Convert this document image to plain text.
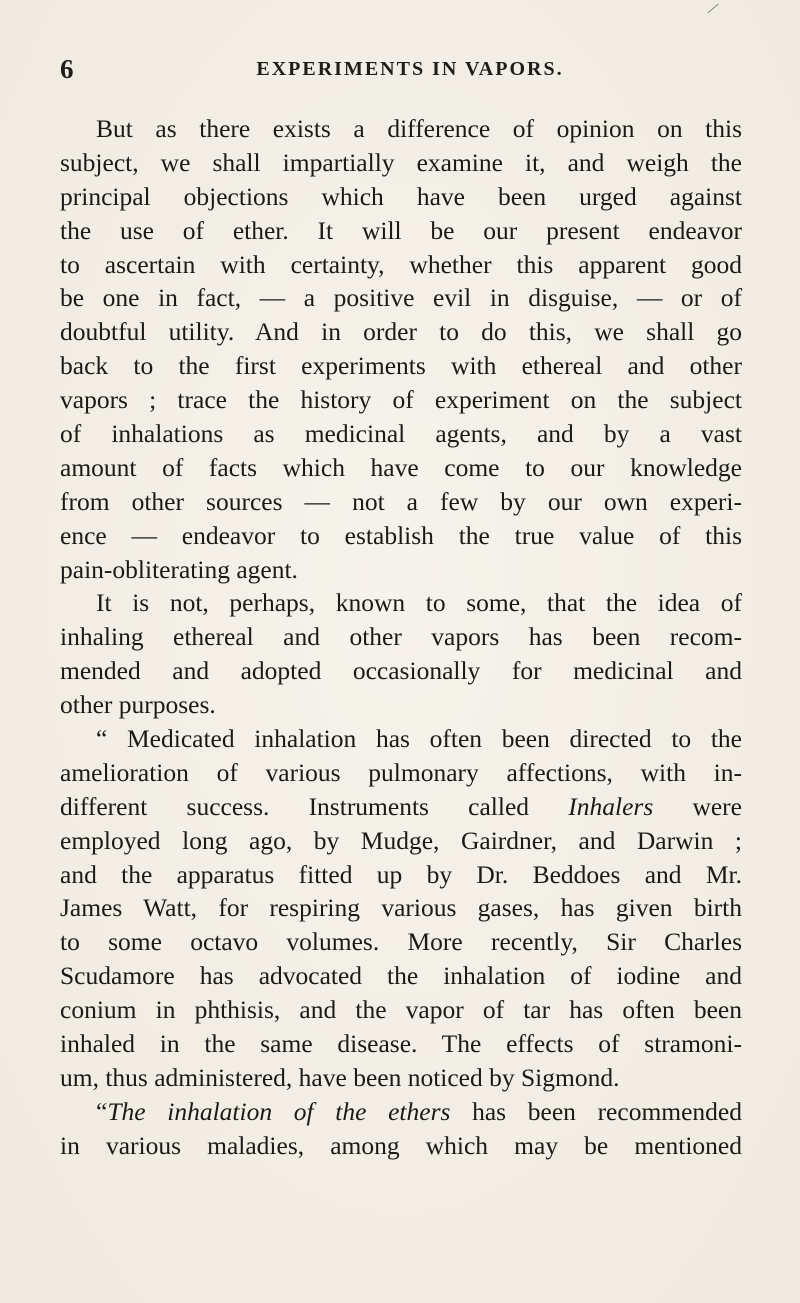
6	EXPERIMENTS IN VAPORS.
But as there exists a difference of opinion on this
subject, we shall impartially examine it, and weigh the
principal objections which have been urged against
the use of ether. It will be our present endeavor
to ascertain with certainty, whether this apparent good
be one in fact, — a positive evil in disguise, — or of
doubtful utility. And in order to do this, we shall go
back to the first experiments with ethereal and other
vapors ; trace the history of experiment on the subject
of inhalations as medicinal agents, and by a vast
amount of facts which have come to our knowledge
from other sources — not a few by our own experi-
ence — endeavor to establish the true value of this
pain-obliterating agent.
It is not, perhaps, known to some, that the idea of
inhaling ethereal and other vapors has been recom-
mended and adopted occasionally for medicinal and
other purposes.
“ Medicated inhalation has often been directed to the
amelioration of various pulmonary affections, with in-
different success. Instruments called Inhalers were
employed long ago, by Mudge, Gairdner, and Darwin ;
and the apparatus fitted up by Dr. Beddoes and Mr.
James Watt, for respiring various gases, has given birth
to some octavo volumes. More recently, Sir Charles
Scudamore has advocated the inhalation of iodine and
conium in phthisis, and the vapor of tar has often been
inhaled in the same disease. The effects of stramoni-
um, thus administered, have been noticed by Sigmond.
“The inhalation of the ethers has been recommended
in various maladies, among which may be mentioned
